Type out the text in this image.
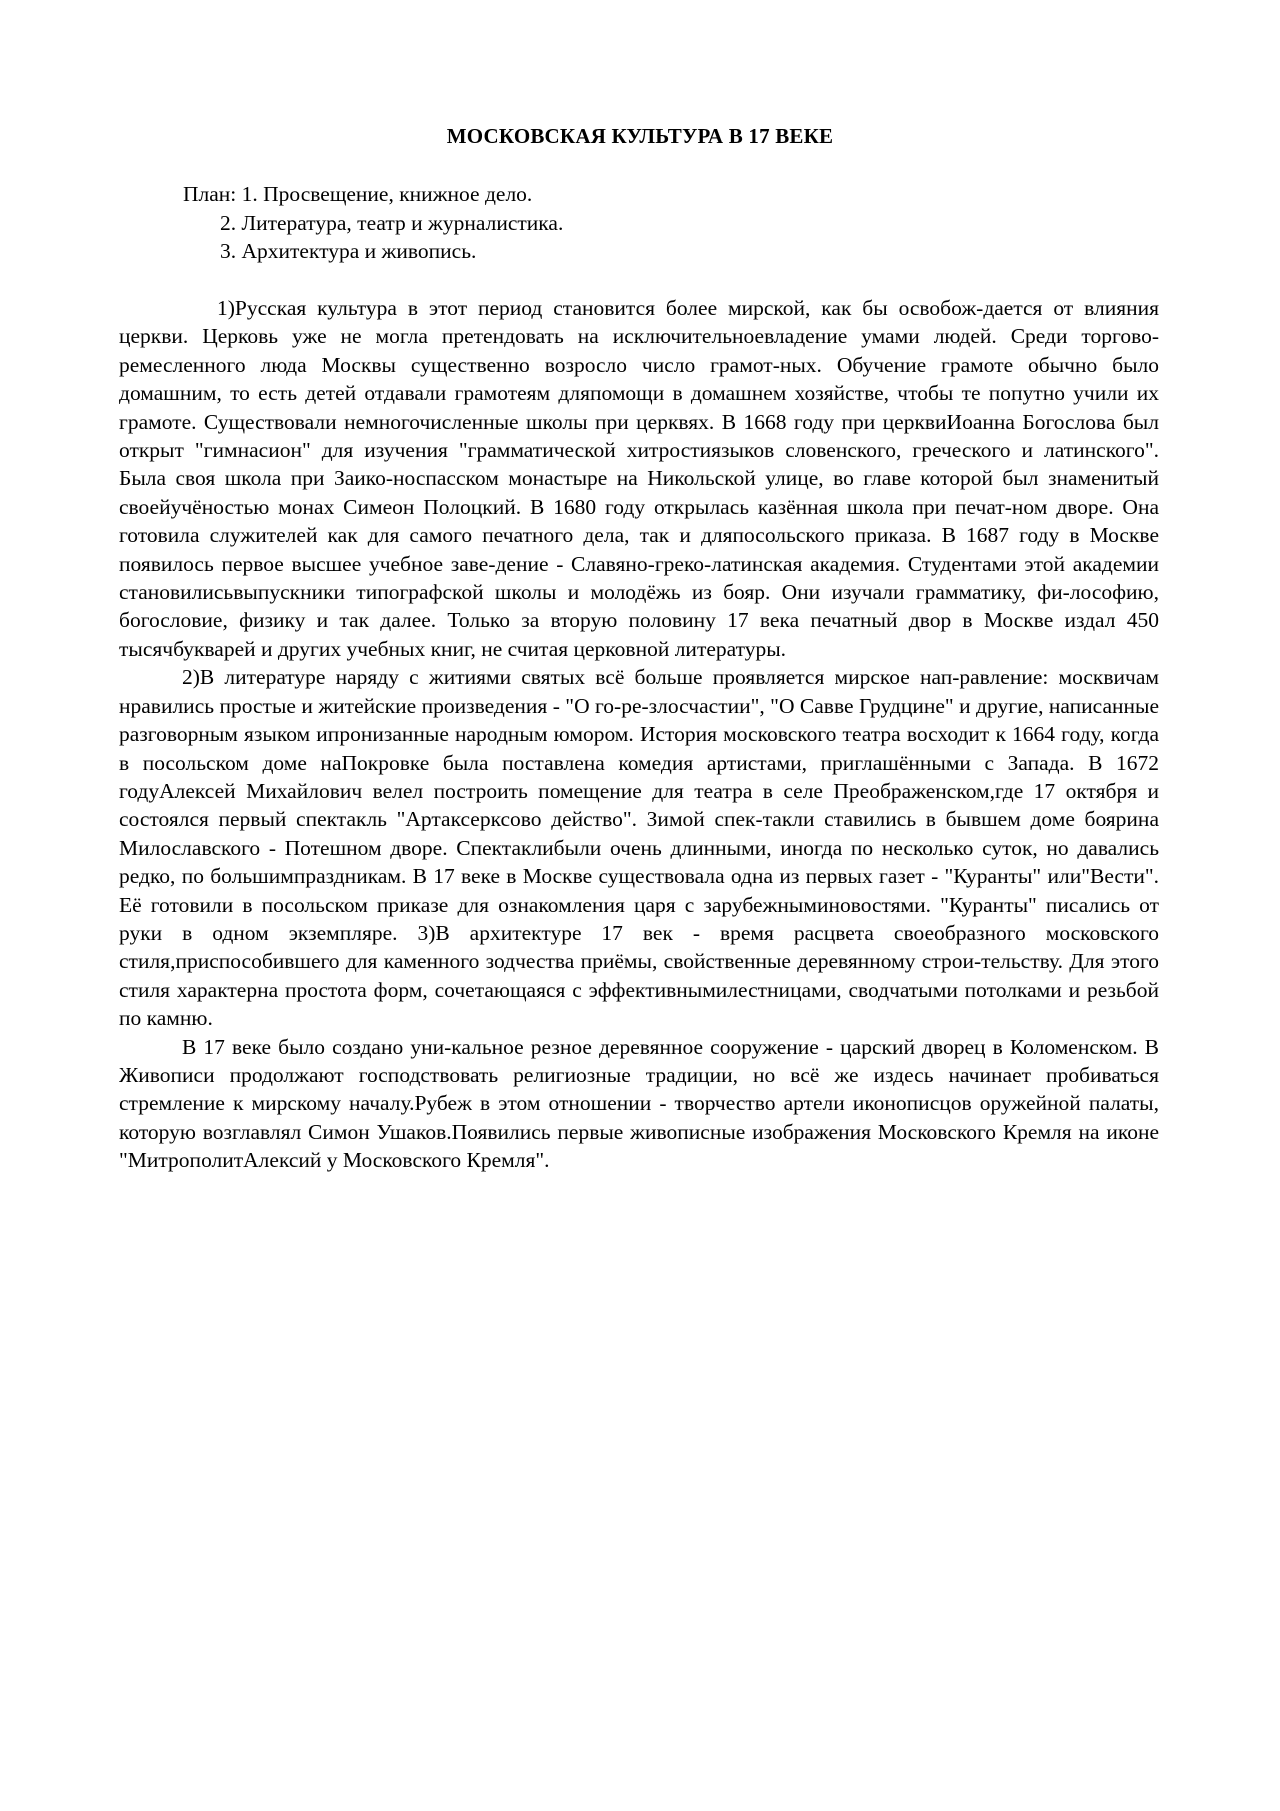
МОСКОВСКАЯ КУЛЬТУРА В 17 ВЕКЕ
План: 1. Просвещение, книжное дело.
2. Литература, театр и журналистика.
3. Архитектура и живопись.

1)Русская культура в этот период становится более мирской, как бы освобож-дается от влияния церкви. Церковь уже не могла претендовать на исключительноевладение умами людей. Среди торгово-ремесленного люда Москвы существенно возросло число грамот-ных. Обучение грамоте обычно было домашним, то есть детей отдавали грамотеям дляпомощи в домашнем хозяйстве, чтобы те попутно учили их грамоте. Существовали немногочисленные школы при церквях. В 1668 году при церквиИоанна Богослова был открыт "гимнасион" для изучения "грамматической хитростиязыков словенского, греческого и латинского". Была своя школа при Заико-носпасском монастыре на Никольской улице, во главе которой был знаменитый своейучёностью монах Симеон Полоцкий. В 1680 году открылась казённая школа при печат-ном дворе. Она готовила служителей как для самого печатного дела, так и дляпосольского приказа. В 1687 году в Москве появилось первое высшее учебное заве-дение - Славяно-греко-латинская академия. Студентами этой академии становилисьвыпускники типографской школы и молодёжь из бояр. Они изучали грамматику, фи-лософию, богословие, физику и так далее. Только за вторую половину 17 века печатный двор в Москве издал 450 тысячбукварей и других учебных книг, не считая церковной литературы.

2)В литературе наряду с житиями святых всё больше проявляется мирское нап-равление: москвичам нравились простые и житейские произведения - "О го-ре-злосчастии", "О Савве Грудцине" и другие, написанные разговорным языком ипронизанные народным юмором. История московского театра восходит к 1664 году, когда в посольском доме наПокровке была поставлена комедия артистами, приглашёнными с Запада. В 1672 годуАлексей Михайлович велел построить помещение для театра в селе Преображенском,где 17 октября и состоялся первый спектакль "Артаксерксово действо". Зимой спек-такли ставились в бывшем доме боярина Милославского - Потешном дворе. Спектаклибыли очень длинными, иногда по несколько суток, но давались редко, по большимпраздникам. В 17 веке в Москве существовала одна из первых газет - "Куранты" или"Вести". Её готовили в посольском приказе для ознакомления царя с зарубежныминовостями. "Куранты" писались от руки в одном экземпляре. 3)В архитектуре 17 век - время расцвета своеобразного московского стиля,приспособившего для каменного зодчества приёмы, свойственные деревянному строи-тельству. Для этого стиля характерна простота форм, сочетающаяся с эффективнымилестницами, сводчатыми потолками и резьбой по камню.

В 17 веке было создано уни-кальное резное деревянное сооружение - царский дворец в Коломенском. В Живописи продолжают господствовать религиозные традиции, но всё же издесь начинает пробиваться стремление к мирскому началу.Рубеж в этом отношении - творчество артели иконописцов оружейной палаты, которую возглавлял Симон Ушаков.Появились первые живописные изображения Московского Кремля на иконе "МитрополитАлексий у Московского Кремля".
